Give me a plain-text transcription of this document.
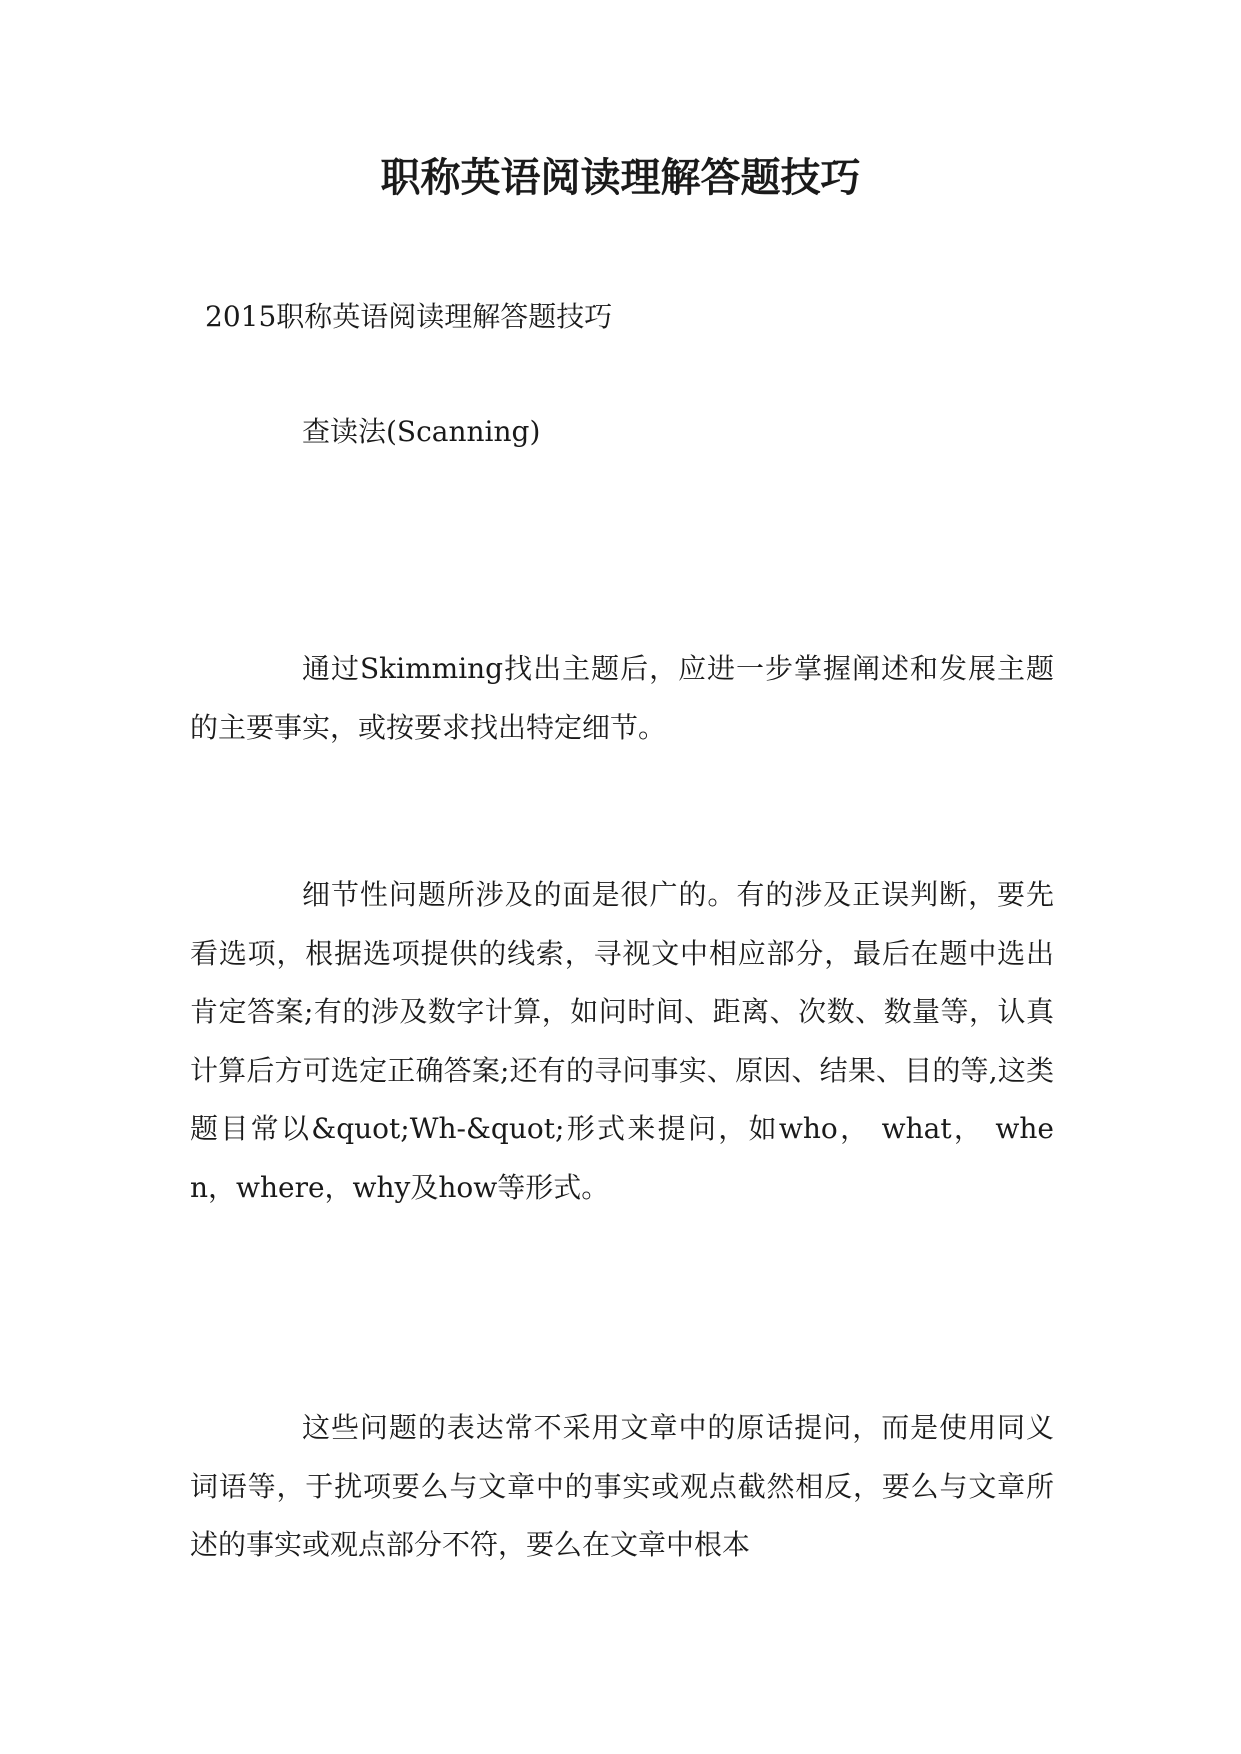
职称英语阅读理解答题技巧

2015职称英语阅读理解答题技巧

查读法(Scanning)

通过Skimming找出主题后，应进一步掌握阐述和发展主题的主要事实，或按要求找出特定细节。

细节性问题所涉及的面是很广的。有的涉及正误判断，要先看选项，根据选项提供的线索，寻视文中相应部分，最后在题中选出肯定答案;有的涉及数字计算，如问时间、距离、次数、数量等，认真计算后方可选定正确答案;还有的寻问事实、原因、结果、目的等,这类题目常以&quot;Wh-&quot;形式来提问，如who， what， when，where，why及how等形式。

这些问题的表达常不采用文章中的原话提问，而是使用同义词语等，于扰项要么与文章中的事实或观点截然相反，要么与文章所述的事实或观点部分不符，要么在文章中根本
